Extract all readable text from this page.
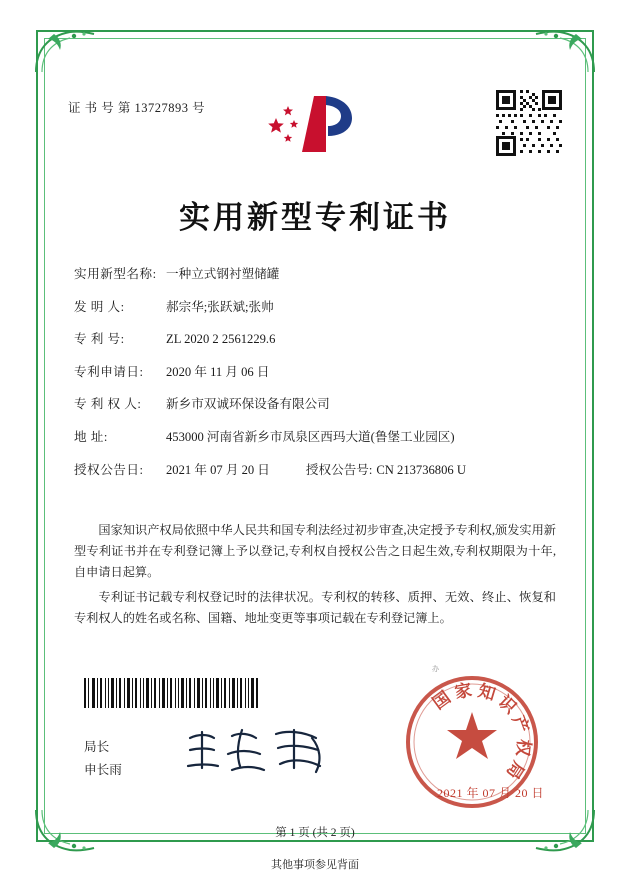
证 书 号 第 13727893 号
实用新型专利证书
实用新型名称: 一种立式钢衬塑储罐
发 明 人:	郝宗华;张跃斌;张帅
专 利 号:	ZL 2020 2 2561229.6
专利申请日:	2020 年 11 月 06 日
专 利 权 人:	新乡市双诚环保设备有限公司
地 址:	453000 河南省新乡市凤泉区西玛大道(鲁堡工业园区)
授权公告日:	2021 年 07 月 20 日	授权公告号: CN 213736806 U

国家知识产权局依照中华人民共和国专利法经过初步审查,决定授予专利权,颁发实用新型专利证书并在专利登记簿上予以登记,专利权自授权公告之日起生效,专利权期限为十年,自申请日起算。

专利证书记载专利权登记时的法律状况。专利权的转移、质押、无效、终止、恢复和专利权人的姓名或名称、国籍、地址变更等事项记载在专利登记簿上。

办
局长
申长雨
国 家 知 识 产 权 局
2021 年 07 月 20 日
第 1 页 (共 2 页)
其他事项参见背面
